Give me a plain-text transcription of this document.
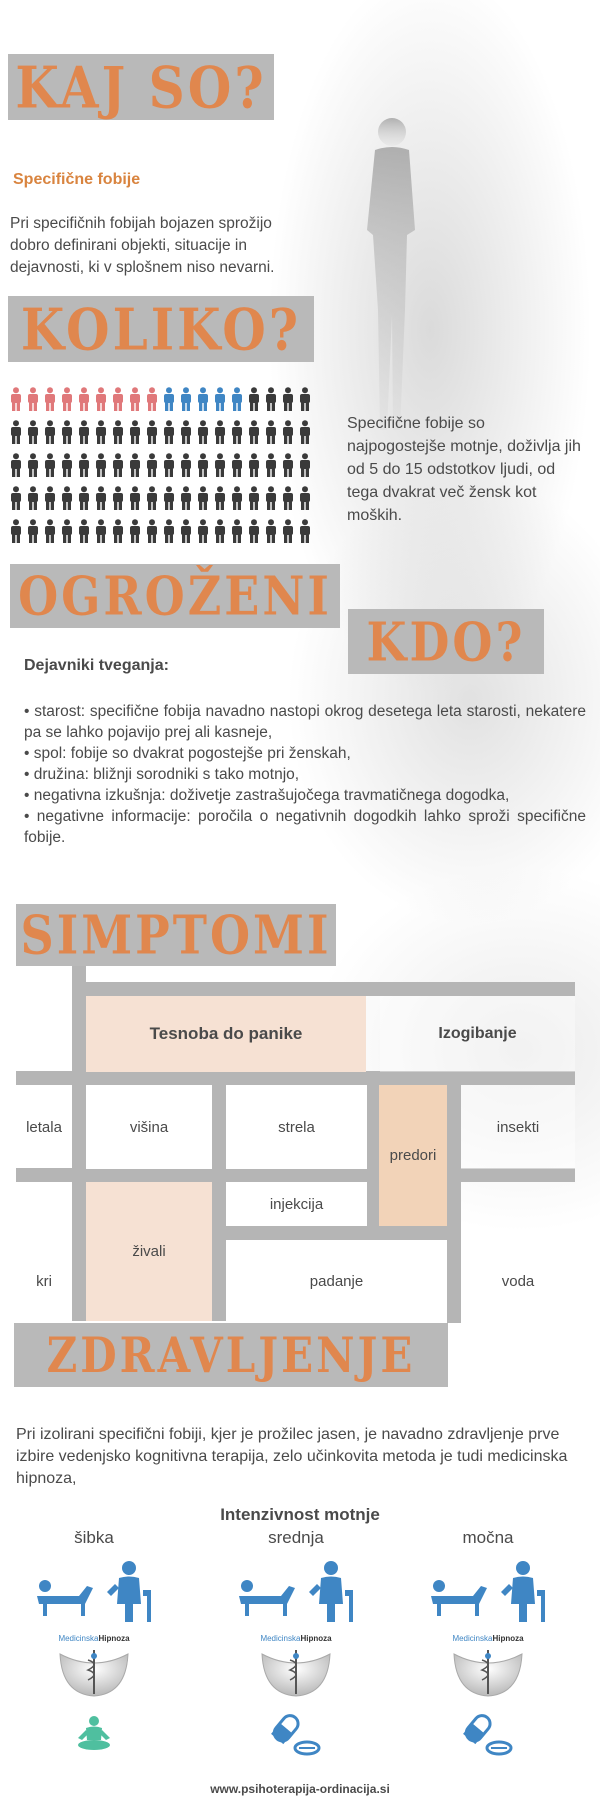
KAJ SO?
Specifične fobije
Pri specifičnih fobijah bojazen sprožijo dobro definirani objekti, situacije in dejavnosti, ki v splošnem niso nevarni.
KOLIKO?
Specifične fobije so najpogostejše motnje, doživlja jih od 5 do 15 odstotkov ljudi, od tega dvakrat več žensk kot moških.
OGROŽENI
KDO?
Dejavniki tveganja:
• starost: specifične fobija navadno nastopi okrog desetega leta starosti, nekatere pa se lahko pojavijo prej ali kasneje,
• spol: fobije so dvakrat pogostejše pri ženskah,
• družina: bližnji sorodniki s tako motnjo,
• negativna izkušnja: doživetje zastrašujočega travmatičnega dogodka,
• negativne informacije: poročila o negativnih dogodkih lahko sproži specifične fobije.
SIMPTOMI
Tesnoba do panike	Izogibanje
letala	višina	strela
predori
insekti
živali
injekcija
padanje
kri	voda
ZDRAVLJENJE
Pri izolirani specifični fobiji, kjer je prožilec jasen, je navadno zdravljenje prve izbire vedenjsko kognitivna terapija, zelo učinkovita metoda je tudi medicinska hipnoza,
Intenzivnost motnje
šibka
MedicinskaHipnoza
srednja
MedicinskaHipnoza
močna
MedicinskaHipnoza
www.psihoterapija-ordinacija.si
